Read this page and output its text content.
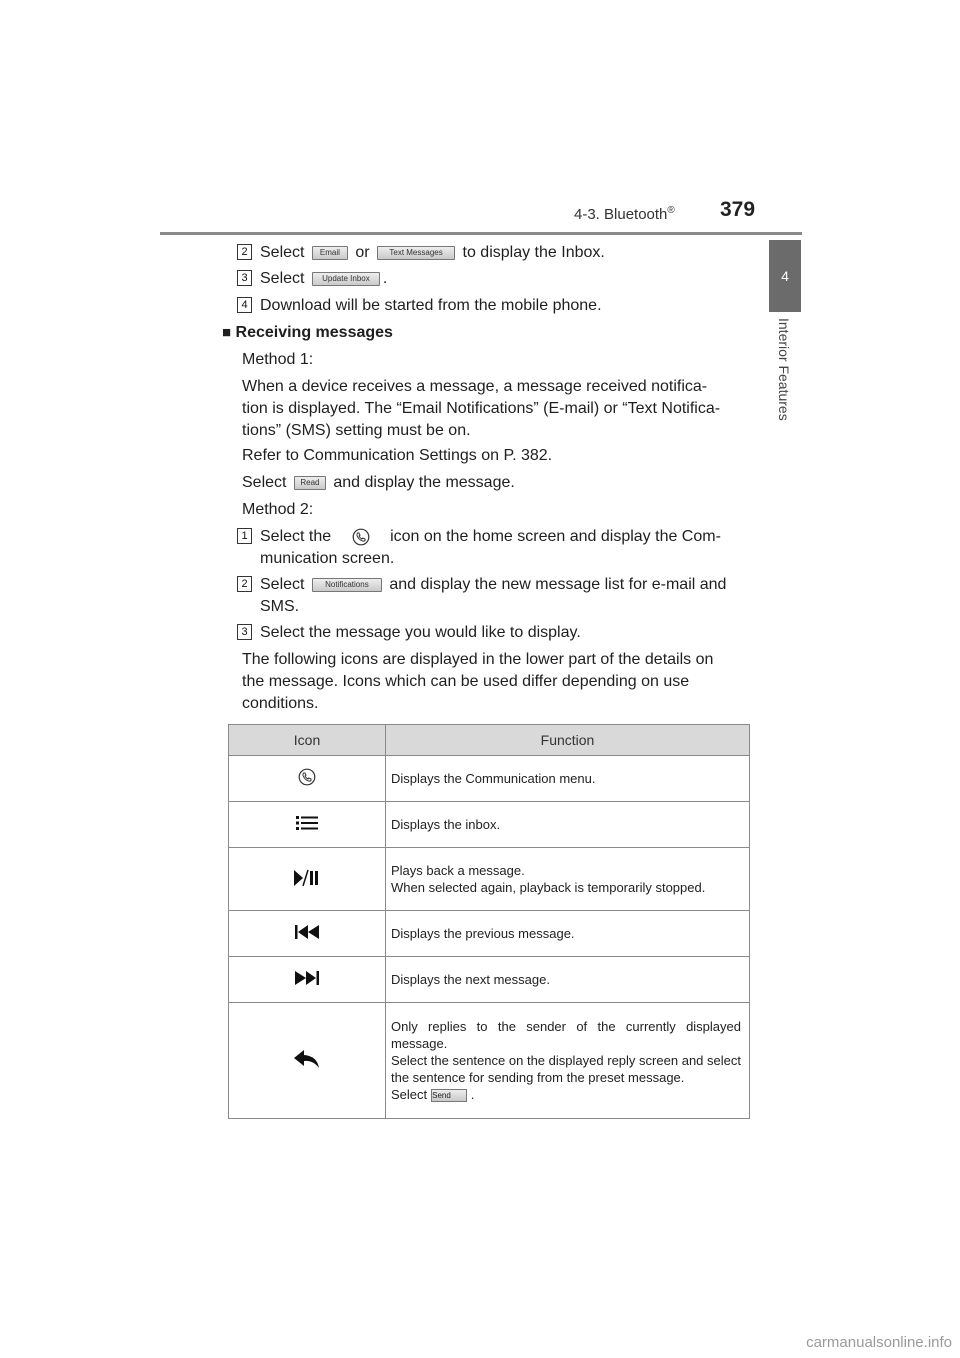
4-3. Bluetooth® 379
4
Interior Features
2 Select Email or Text Messages to display the Inbox.
3 Select Update Inbox .
4 Download will be started from the mobile phone.
■ Receiving messages
Method 1:
When a device receives a message, a message received notifica-
tion is displayed. The “Email Notifications” (E-mail) or “Text Notifica-
tions” (SMS) setting must be on.
Refer to Communication Settings on P. 382.
Select Read and display the message.
Method 2:
1 Select the	icon on the home screen and display the Com-
munication screen.
2 Select	Notifications and display the new message list for e-mail and
SMS.
3 Select the message you would like to display.
The following icons are displayed in the lower part of the details on
the message. Icons which can be used differ depending on use
conditions.
Icon	Function
	Displays the Communication menu.
	Displays the inbox.

Plays back a message.
When selected again, playback is temporarily stopped.

	Displays the previous message.
	Displays the next message.

Only replies to the sender of the currently displayed message.
Select the sentence on the displayed reply screen and select the sentence for sending from the preset message.
Select Send .
carmanualsonline.info
